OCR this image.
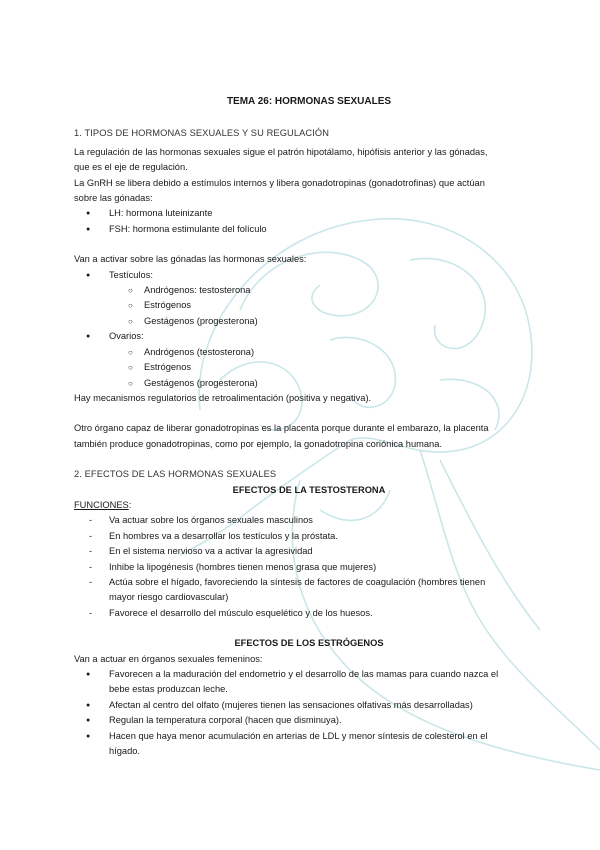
TEMA 26: HORMONAS SEXUALES

1. TIPOS DE HORMONAS SEXUALES Y SU REGULACIÓN

La regulación de las hormonas sexuales sigue el patrón hipotálamo, hipófisis anterior y las gónadas,

que es el eje de regulación.

La GnRH se libera debido a estímulos internos y libera gonadotropinas (gonadotrofinas) que actúan

sobre las gónadas:

● LH: hormona luteinizante
● FSH: hormona estimulante del folículo

Van a activar sobre las gónadas las hormonas sexuales:

● Testículos:
○ Andrógenos: testosterona
○ Estrógenos
○ Gestágenos (progesterona)
● Ovarios:
○ Andrógenos (testosterona)
○ Estrógenos
○ Gestágenos (progesterona)

Hay mecanismos regulatorios de retroalimentación (positiva y negativa).

Otro órgano capaz de liberar gonadotropinas es la placenta porque durante el embarazo, la placenta

también produce gonadotropinas, como por ejemplo, la gonadotropina coriónica humana.

2. EFECTOS DE LAS HORMONAS SEXUALES

EFECTOS DE LA TESTOSTERONA

FUNCIONES:

- Va actuar sobre los órganos sexuales masculinos
- En hombres va a desarrollar los testículos y la próstata.
- En el sistema nervioso va a activar la agresividad
- Inhibe la lipogénesis (hombres tienen menos grasa que mujeres)
- Actúa sobre el hígado, favoreciendo la síntesis de factores de coagulación (hombres tienen
mayor riesgo cardiovascular)
- Favorece el desarrollo del músculo esquelético y de los huesos.

EFECTOS DE LOS ESTRÓGENOS

Van a actuar en órganos sexuales femeninos:

● Favorecen a la maduración del endometrio y el desarrollo de las mamas para cuando nazca el
bebe estas produzcan leche.
● Afectan al centro del olfato (mujeres tienen las sensaciones olfativas más desarrolladas)
● Regulan la temperatura corporal (hacen que disminuya).
● Hacen que haya menor acumulación en arterias de LDL y menor síntesis de colesterol en el
hígado.
